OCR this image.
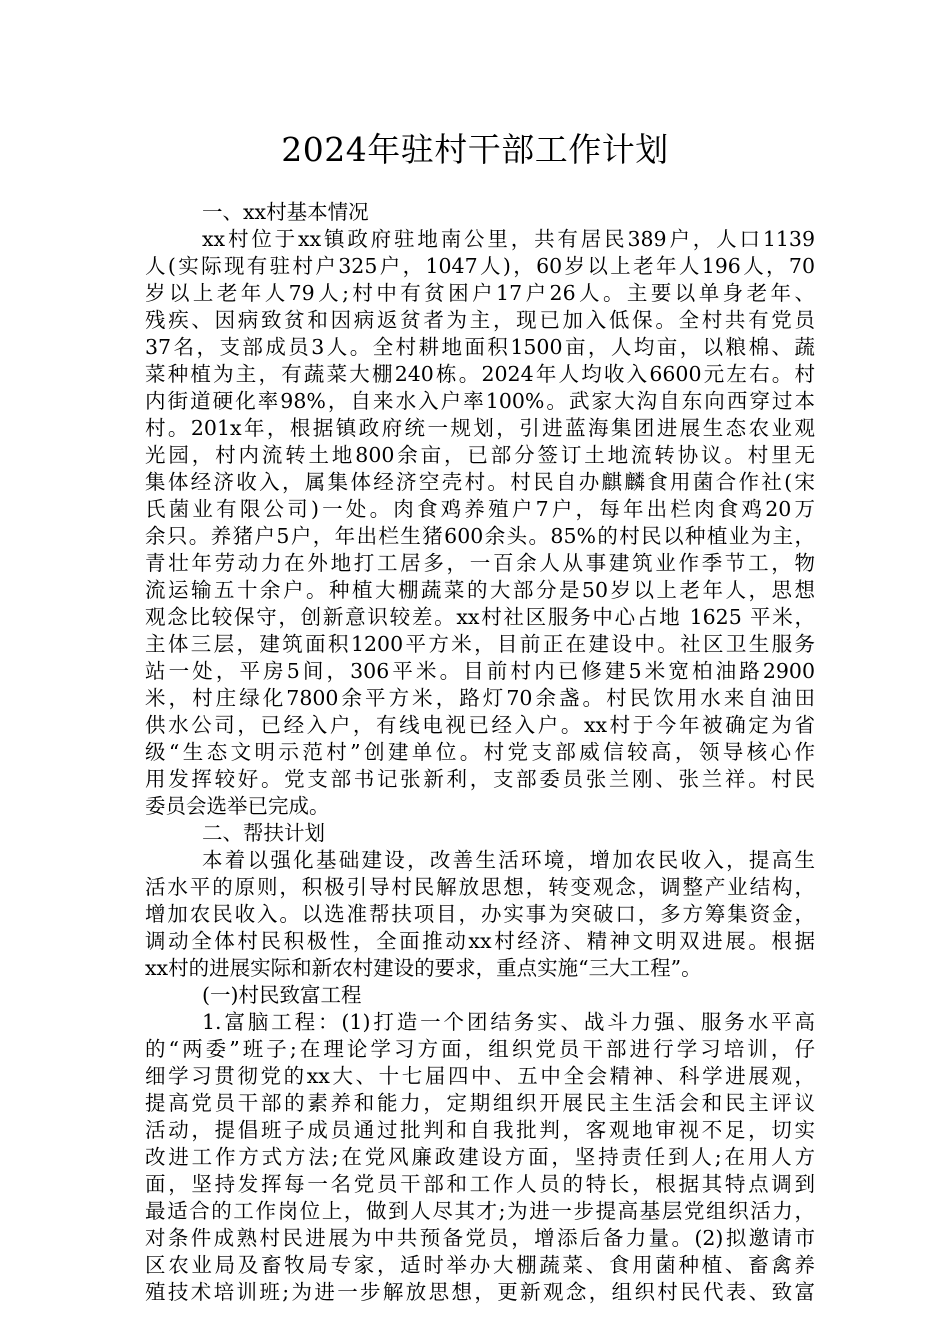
2024年驻村干部工作计划
一、xx村基本情况
xx村位于xx镇政府驻地南公里，共有居民389户，人口1139
人(实际现有驻村户325户，1047人)，60岁以上老年人196人，70
岁以上老年人79人;村中有贫困户17户26人。主要以单身老年、
残疾、因病致贫和因病返贫者为主，现已加入低保。全村共有党员
37名，支部成员3人。全村耕地面积1500亩，人均亩，以粮棉、蔬
菜种植为主，有蔬菜大棚240栋。2024年人均收入6600元左右。村
内街道硬化率98%，自来水入户率100%。武家大沟自东向西穿过本
村。201x年，根据镇政府统一规划，引进蓝海集团进展生态农业观
光园，村内流转土地800余亩，已部分签订土地流转协议。村里无
集体经济收入，属集体经济空壳村。村民自办麒麟食用菌合作社(宋
氏菌业有限公司)一处。肉食鸡养殖户7户，每年出栏肉食鸡20万
余只。养猪户5户，年出栏生猪600余头。85%的村民以种植业为主，
青壮年劳动力在外地打工居多，一百余人从事建筑业作季节工，物
流运输五十余户。种植大棚蔬菜的大部分是50岁以上老年人，思想
观念比较保守，创新意识较差。xx村社区服务中心占地 1625 平米，
主体三层，建筑面积1200平方米，目前正在建设中。社区卫生服务
站一处，平房5间，306平米。目前村内已修建5米宽柏油路2900
米，村庄绿化7800余平方米，路灯70余盏。村民饮用水来自油田
供水公司，已经入户，有线电视已经入户。xx村于今年被确定为省
级“生态文明示范村”创建单位。村党支部威信较高，领导核心作
用发挥较好。党支部书记张新利，支部委员张兰刚、张兰祥。村民
委员会选举已完成。
二、帮扶计划
本着以强化基础建设，改善生活环境，增加农民收入，提高生
活水平的原则，积极引导村民解放思想，转变观念，调整产业结构，
增加农民收入。以选准帮扶项目，办实事为突破口，多方筹集资金，
调动全体村民积极性，全面推动xx村经济、精神文明双进展。根据
xx村的进展实际和新农村建设的要求，重点实施“三大工程”。
(一)村民致富工程
1.富脑工程：(1)打造一个团结务实、战斗力强、服务水平高
的“两委”班子;在理论学习方面，组织党员干部进行学习培训，仔
细学习贯彻党的xx大、十七届四中、五中全会精神、科学进展观，
提高党员干部的素养和能力，定期组织开展民主生活会和民主评议
活动，提倡班子成员通过批判和自我批判，客观地审视不足，切实
改进工作方式方法;在党风廉政建设方面，坚持责任到人;在用人方
面，坚持发挥每一名党员干部和工作人员的特长，根据其特点调到
最适合的工作岗位上，做到人尽其才;为进一步提高基层党组织活力，
对条件成熟村民进展为中共预备党员，增添后备力量。(2)拟邀请市
区农业局及畜牧局专家，适时举办大棚蔬菜、食用菌种植、畜禽养
殖技术培训班;为进一步解放思想，更新观念，组织村民代表、致富
